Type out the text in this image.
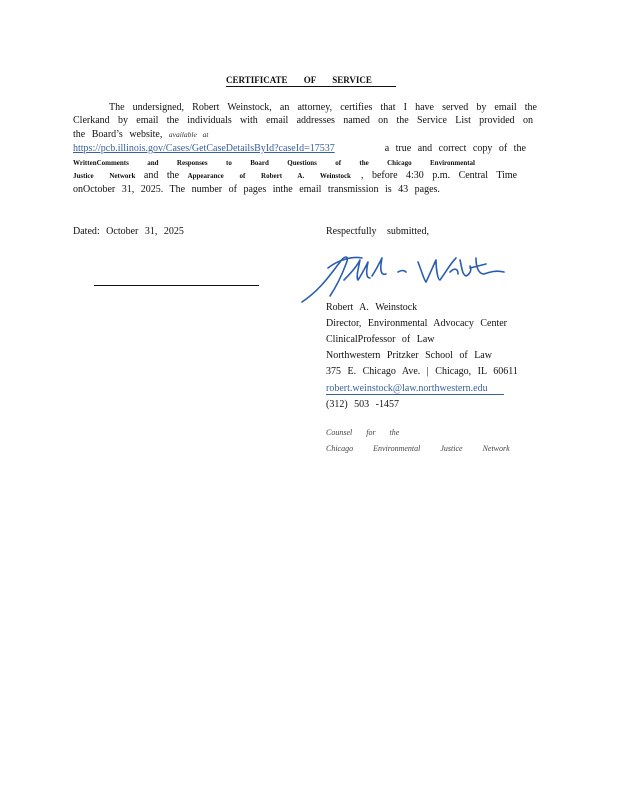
CERTIFICATE OF SERVICE
The undersigned, Robert Weinstock, an attorney, certifies that I have served by email the
Clerkand by email the individuals with email addresses named on the Service List provided on
the Board’s website, available at
https://pcb.illinois.gov/Cases/GetCaseDetailsById?caseId=17537	a true and correct copy of the
WrittenComments and Responses to Board Questions of the Chicago Environmental
Justice Network and the Appearance of Robert A. Weinstock , before 4:30 p.m. Central Time
onOctober 31, 2025. The number of pages inthe email transmission is 43 pages.
Dated: October 31, 2025	Respectfully submitted,
Robert A. Weinstock
Director, Environmental Advocacy Center
ClinicalProfessor of Law
Northwestern Pritzker School of Law
375 E. Chicago Ave. | Chicago, IL 60611
robert.weinstock@law.northwestern.edu
(312) 503 -1457
Counsel for the
Chicago Environmental Justice Network
